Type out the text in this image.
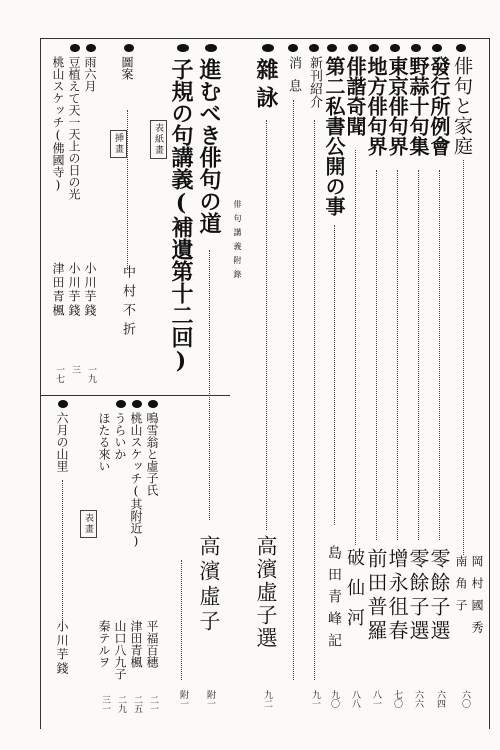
俳句と家庭
岡村國秀
南角子
六〇
發行所例會
零餘子選
六四
野蒜十句集
零餘子選
六六
東京俳句界
增永徂春
七〇
地方俳句界
前田普羅
八一
俳諧奇聞
破仙河
八八
第二私書公開の事
島田青峰記
九〇
新刊紹介
九一
消息
雜詠
高濱虛子選
九二
俳句講義附錄
進むべき俳句の道
高濱虛子
附一
子規の句講義(補遺第十二回)
附一
表紙畫
圖案
中村不折
挿畫
雨六月
小川芋錢
一九
豆植えて天一天上の日の光
小川芋錢
三
桃山スケッチ(佛國寺)
津田青楓
一七
鳴雪翁と虛子氏
平福百穗
二一
桃山スケッチ(其附近)
津田青楓
二五
うらいか
山口八九子
二九
ほたる來い
秦テルヲ
三一
表畫
六月の山里
小川芋錢
